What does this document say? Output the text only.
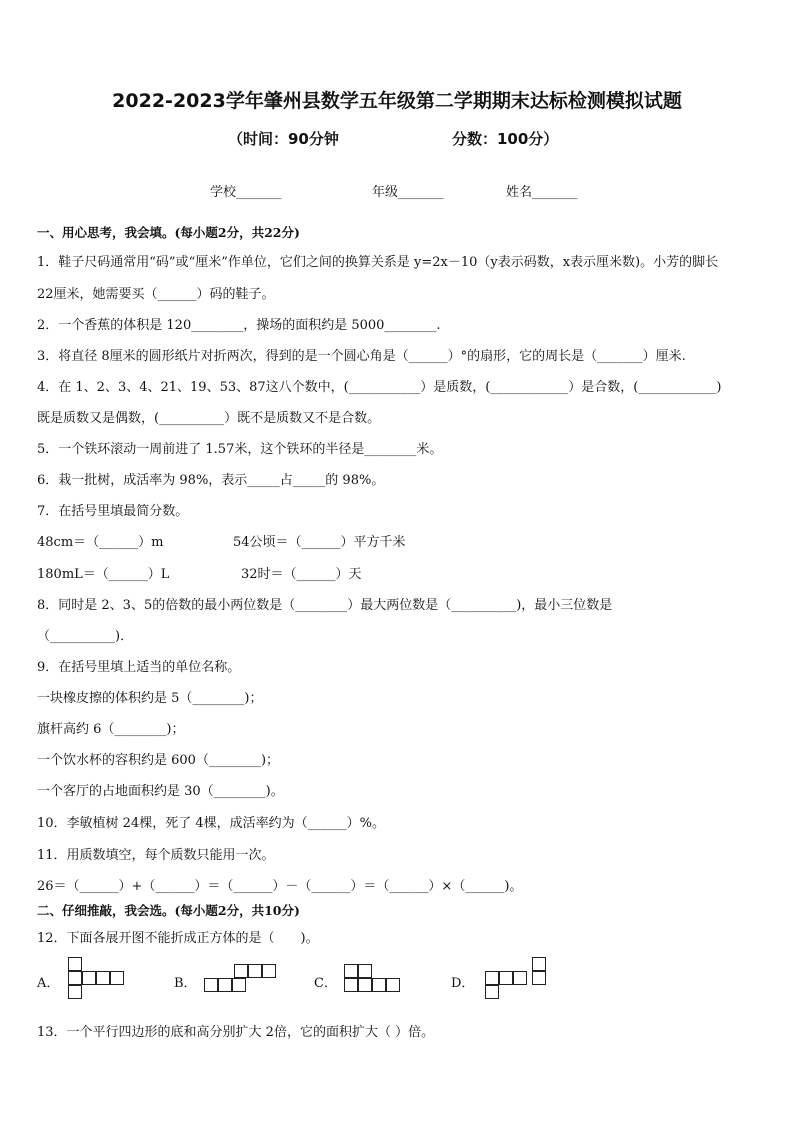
2022-2023学年肇州县数学五年级第二学期期末达标检测模拟试题
（时间：90分钟	分数：100分）
学校_______	年级_______	姓名_______
一、用心思考，我会填。(每小题2分，共22分)
1．鞋子尺码通常用“码”或“厘米”作单位，它们之间的换算关系是 y=2x－10（y表示码数，x表示厘米数)。小芳的脚长
22厘米，她需要买（______）码的鞋子。
2．一个香蕉的体积是 120________，操场的面积约是 5000________.
3．将直径 8厘米的圆形纸片对折两次，得到的是一个圆心角是（______）°的扇形，它的周长是（_______）厘米.
4．在 1、2、3、4、21、19、53、87这八个数中，(___________）是质数，(____________）是合数，(____________)
既是质数又是偶数，(__________）既不是质数又不是合数。
5．一个铁环滚动一周前进了 1.57米，这个铁环的半径是________米。
6．栽一批树，成活率为 98%，表示_____占_____的 98%。
7．在括号里填最简分数。
48cm＝（______）m	54公顷＝（______）平方千米
180mL＝（______）L	32时＝（______）天
8．同时是 2、3、5的倍数的最小两位数是（________）最大两位数是（__________)，最小三位数是
（__________)．
9．在括号里填上适当的单位名称。
一块橡皮擦的体积约是 5（________)；
旗杆高约 6（________)；
一个饮水杯的容积约是 600（________)；
一个客厅的占地面积约是 30（________)。
10．李敏植树 24棵，死了 4棵，成活率约为（______）%。
11．用质数填空，每个质数只能用一次。
26＝（______）+（______）＝（______）－（______）＝（______）×（______)。
二、仔细推敲，我会选。(每小题2分，共10分)
12．下面各展开图不能折成正方体的是（　　)。
A．	B．	C．	D．
13．一个平行四边形的底和高分别扩大 2倍，它的面积扩大（ ）倍。
